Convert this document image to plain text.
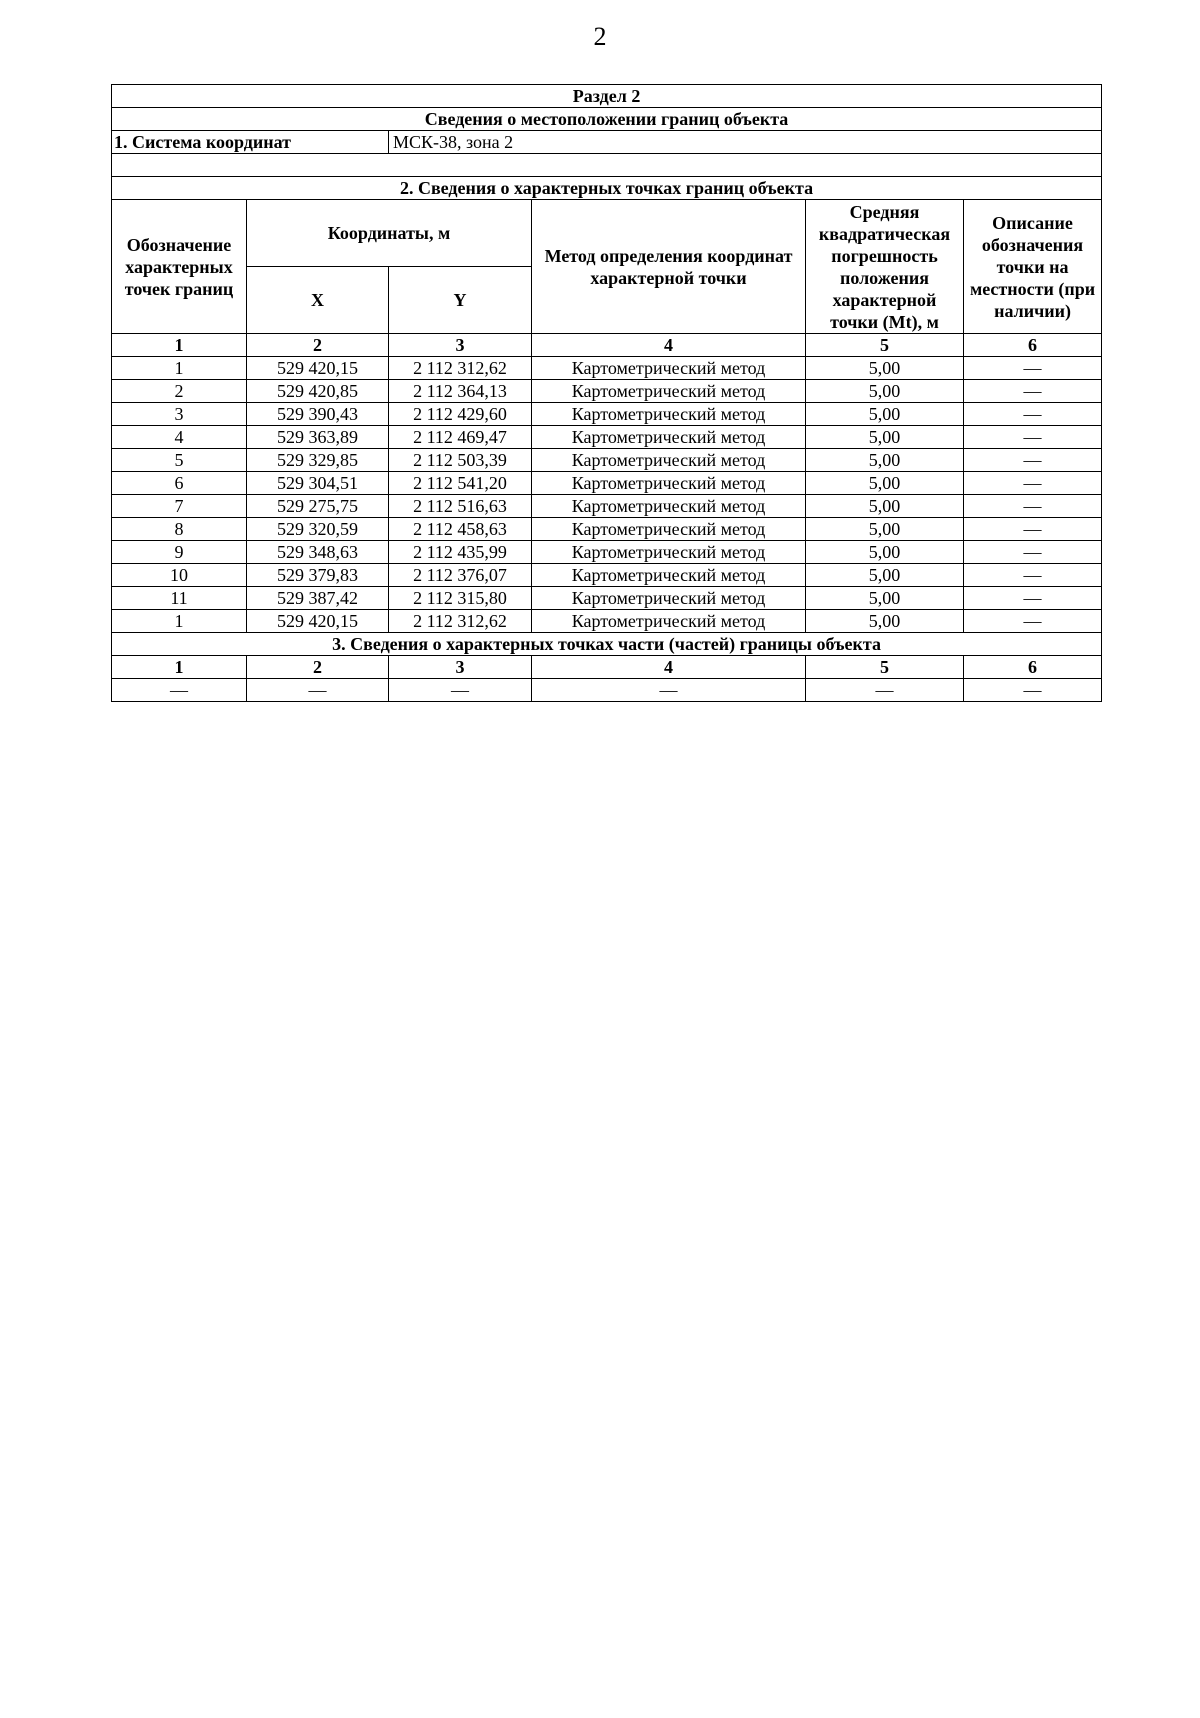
2
Раздел 2					
Сведения о местоположении границ объекта					
1. Система координат		МСК-38, зона 2			

2. Сведения о характерных точках границ объекта					
Обозначение характерных точек границ	Координаты, м		Метод определения координат характерной точки	Средняя квадратическая погрешность положения характерной точки (Mt), м	Описание обозначения точки на местности (при наличии)
	X	Y			
1	2	3	4	5	6
1	529 420,15	2 112 312,62	Картометрический метод	5,00	—
2	529 420,85	2 112 364,13	Картометрический метод	5,00	—
3	529 390,43	2 112 429,60	Картометрический метод	5,00	—
4	529 363,89	2 112 469,47	Картометрический метод	5,00	—
5	529 329,85	2 112 503,39	Картометрический метод	5,00	—
6	529 304,51	2 112 541,20	Картометрический метод	5,00	—
7	529 275,75	2 112 516,63	Картометрический метод	5,00	—
8	529 320,59	2 112 458,63	Картометрический метод	5,00	—
9	529 348,63	2 112 435,99	Картометрический метод	5,00	—
10	529 379,83	2 112 376,07	Картометрический метод	5,00	—
11	529 387,42	2 112 315,80	Картометрический метод	5,00	—
1	529 420,15	2 112 312,62	Картометрический метод	5,00	—
3. Сведения о характерных точках части (частей) границы объекта					
1	2	3	4	5	6
—	—	—	—	—	—
